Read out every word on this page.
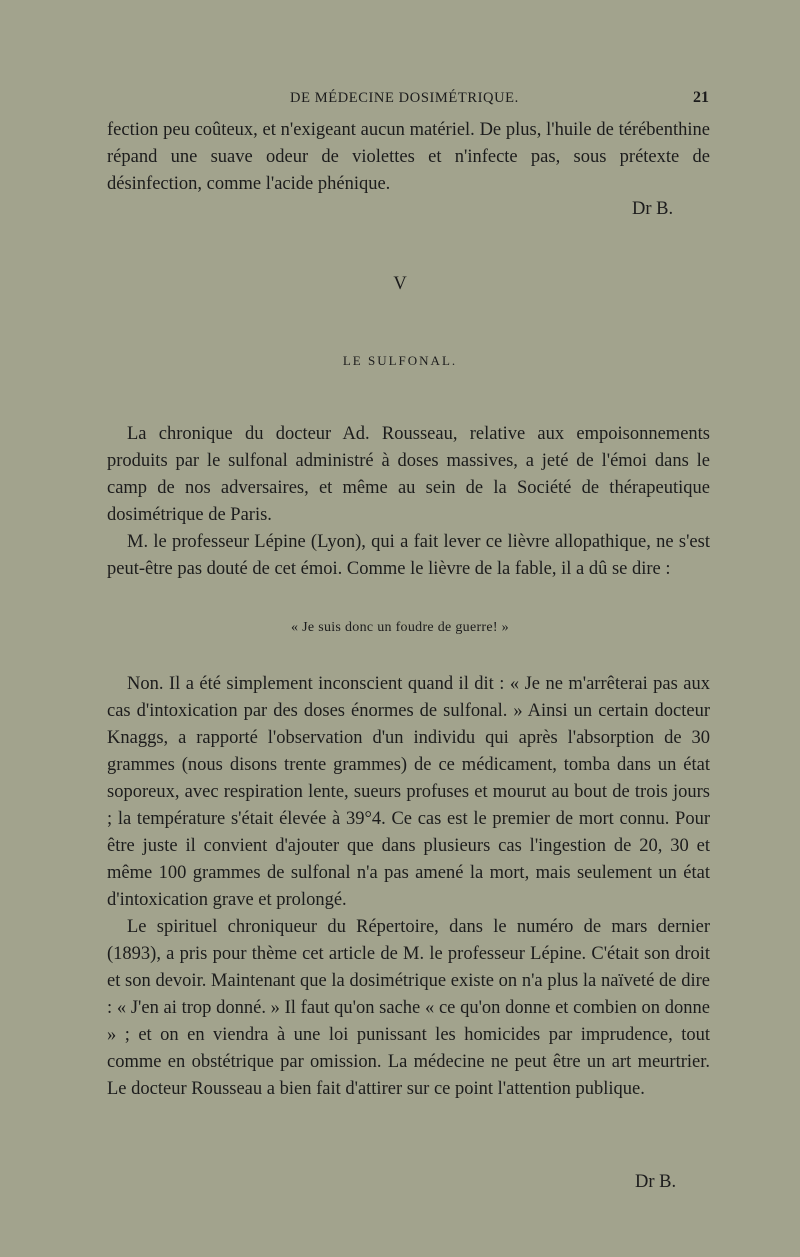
DE MÉDECINE DOSIMÉTRIQUE.	21

fection peu coûteux, et n'exigeant aucun matériel. De plus, l'huile de térébenthine répand une suave odeur de violettes et n'infecte pas, sous prétexte de désinfection, comme l'acide phénique.

Dr B.
V
LE SULFONAL.

La chronique du docteur Ad. Rousseau, relative aux empoisonnements produits par le sulfonal administré à doses massives, a jeté de l'émoi dans le camp de nos adversaires, et même au sein de la Société de thérapeutique dosimétrique de Paris.

M. le professeur Lépine (Lyon), qui a fait lever ce lièvre allopathique, ne s'est peut-être pas douté de cet émoi. Comme le lièvre de la fable, il a dû se dire :

« Je suis donc un foudre de guerre! »

Non. Il a été simplement inconscient quand il dit : « Je ne m'arrêterai pas aux cas d'intoxication par des doses énormes de sulfonal. » Ainsi un certain docteur Knaggs, a rapporté l'observation d'un individu qui après l'absorption de 30 grammes (nous disons trente grammes) de ce médicament, tomba dans un état soporeux, avec respiration lente, sueurs profuses et mourut au bout de trois jours ; la température s'était élevée à 39°4. Ce cas est le premier de mort connu. Pour être juste il convient d'ajouter que dans plusieurs cas l'ingestion de 20, 30 et même 100 grammes de sulfonal n'a pas amené la mort, mais seulement un état d'intoxication grave et prolongé.

Le spirituel chroniqueur du Répertoire, dans le numéro de mars dernier (1893), a pris pour thème cet article de M. le professeur Lépine. C'était son droit et son devoir. Maintenant que la dosimétrique existe on n'a plus la naïveté de dire : « J'en ai trop donné. » Il faut qu'on sache « ce qu'on donne et combien on donne » ; et on en viendra à une loi punissant les homicides par imprudence, tout comme en obstétrique par omission. La médecine ne peut être un art meurtrier. Le docteur Rousseau a bien fait d'attirer sur ce point l'attention publique.

Dr B.
